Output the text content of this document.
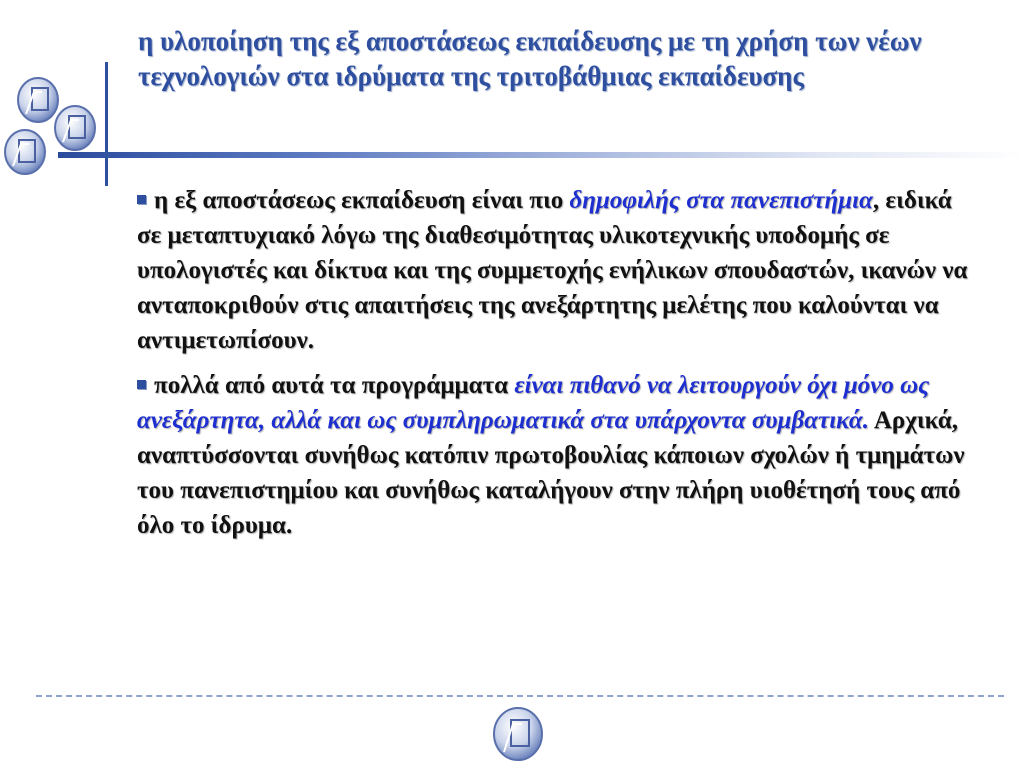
η υλοποίηση της εξ αποστάσεως εκπαίδευσης με τη χρήση των νέων τεχνολογιών στα ιδρύματα της τριτοβάθμιας εκπαίδευσης

η εξ αποστάσεως εκπαίδευση είναι πιο δημοφιλής στα πανεπιστήμια, ειδικά σε μεταπτυχιακό λόγω της διαθεσιμότητας υλικοτεχνικής υποδομής σε υπολογιστές και δίκτυα και της συμμετοχής ενήλικων σπουδαστών, ικανών να ανταποκριθούν στις απαιτήσεις της ανεξάρτητης μελέτης που καλούνται να αντιμετωπίσουν.

πολλά από αυτά τα προγράμματα είναι πιθανό να λειτουργούν όχι μόνο ως ανεξάρτητα, αλλά και ως συμπληρωματικά στα υπάρχοντα συμβατικά. Αρχικά, αναπτύσσονται συνήθως κατόπιν πρωτοβουλίας κάποιων σχολών ή τμημάτων του πανεπιστημίου και συνήθως καταλήγουν στην πλήρη υιοθέτησή τους από όλο το ίδρυμα.
